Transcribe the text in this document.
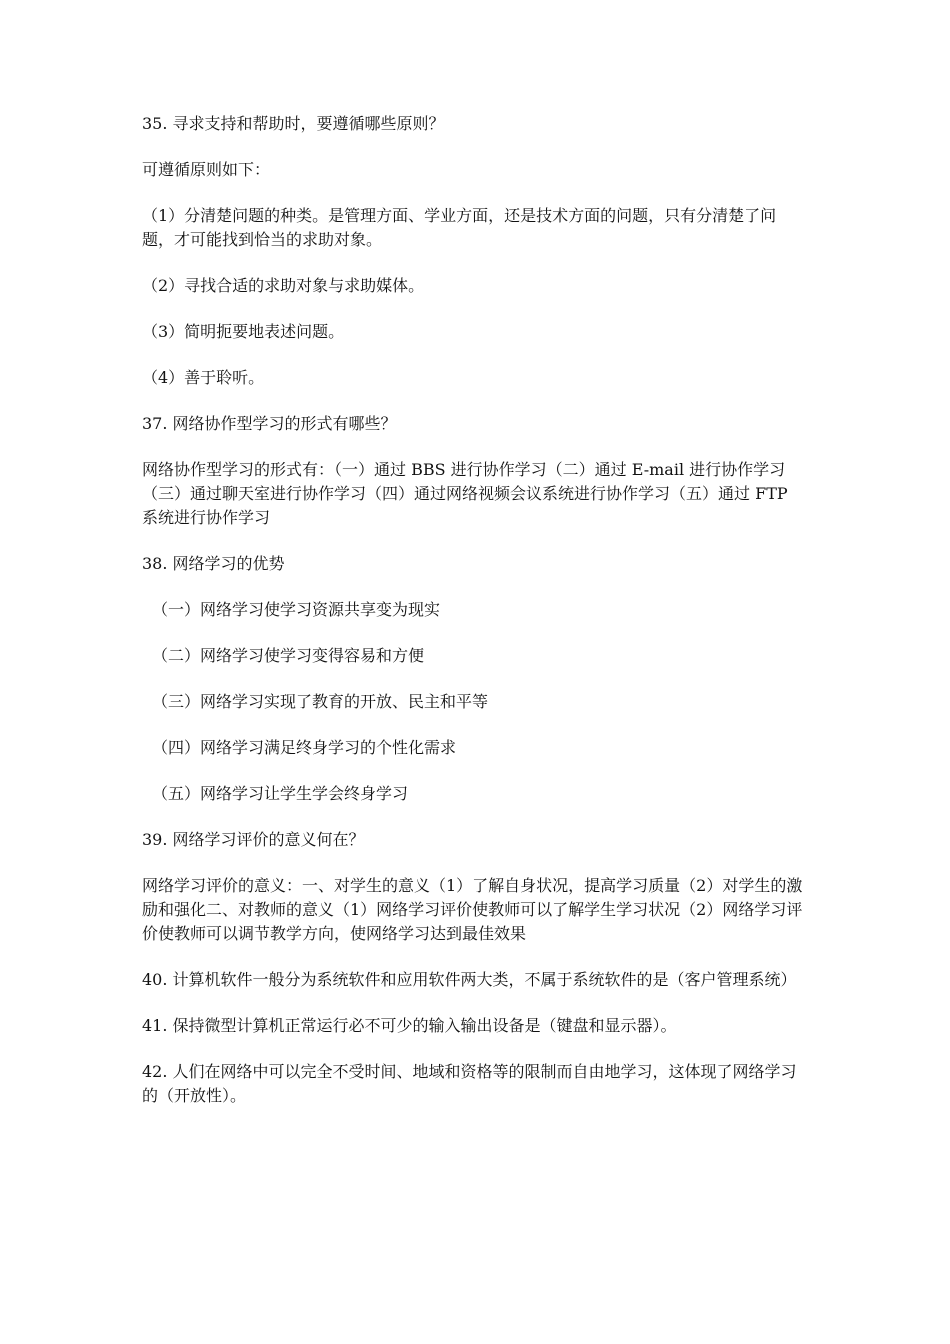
35. 寻求支持和帮助时，要遵循哪些原则？

可遵循原则如下：

（1）分清楚问题的种类。是管理方面、学业方面，还是技术方面的问题，只有分清楚了问题，才可能找到恰当的求助对象。

（2）寻找合适的求助对象与求助媒体。

（3）简明扼要地表述问题。

（4）善于聆听。

37. 网络协作型学习的形式有哪些？

网络协作型学习的形式有：（一）通过 BBS 进行协作学习（二）通过 E-mail 进行协作学习（三）通过聊天室进行协作学习（四）通过网络视频会议系统进行协作学习（五）通过 FTP 系统进行协作学习

38. 网络学习的优势

（一）网络学习使学习资源共享变为现实

（二）网络学习使学习变得容易和方便

（三）网络学习实现了教育的开放、民主和平等

（四）网络学习满足终身学习的个性化需求

（五）网络学习让学生学会终身学习

39. 网络学习评价的意义何在？

网络学习评价的意义：一、对学生的意义（1）了解自身状况，提高学习质量（2）对学生的激励和强化二、对教师的意义（1）网络学习评价使教师可以了解学生学习状况（2）网络学习评价使教师可以调节教学方向，使网络学习达到最佳效果

40. 计算机软件一般分为系统软件和应用软件两大类，不属于系统软件的是（客户管理系统）

41. 保持微型计算机正常运行必不可少的输入输出设备是（键盘和显示器）。

42. 人们在网络中可以完全不受时间、地域和资格等的限制而自由地学习，这体现了网络学习的（开放性）。
